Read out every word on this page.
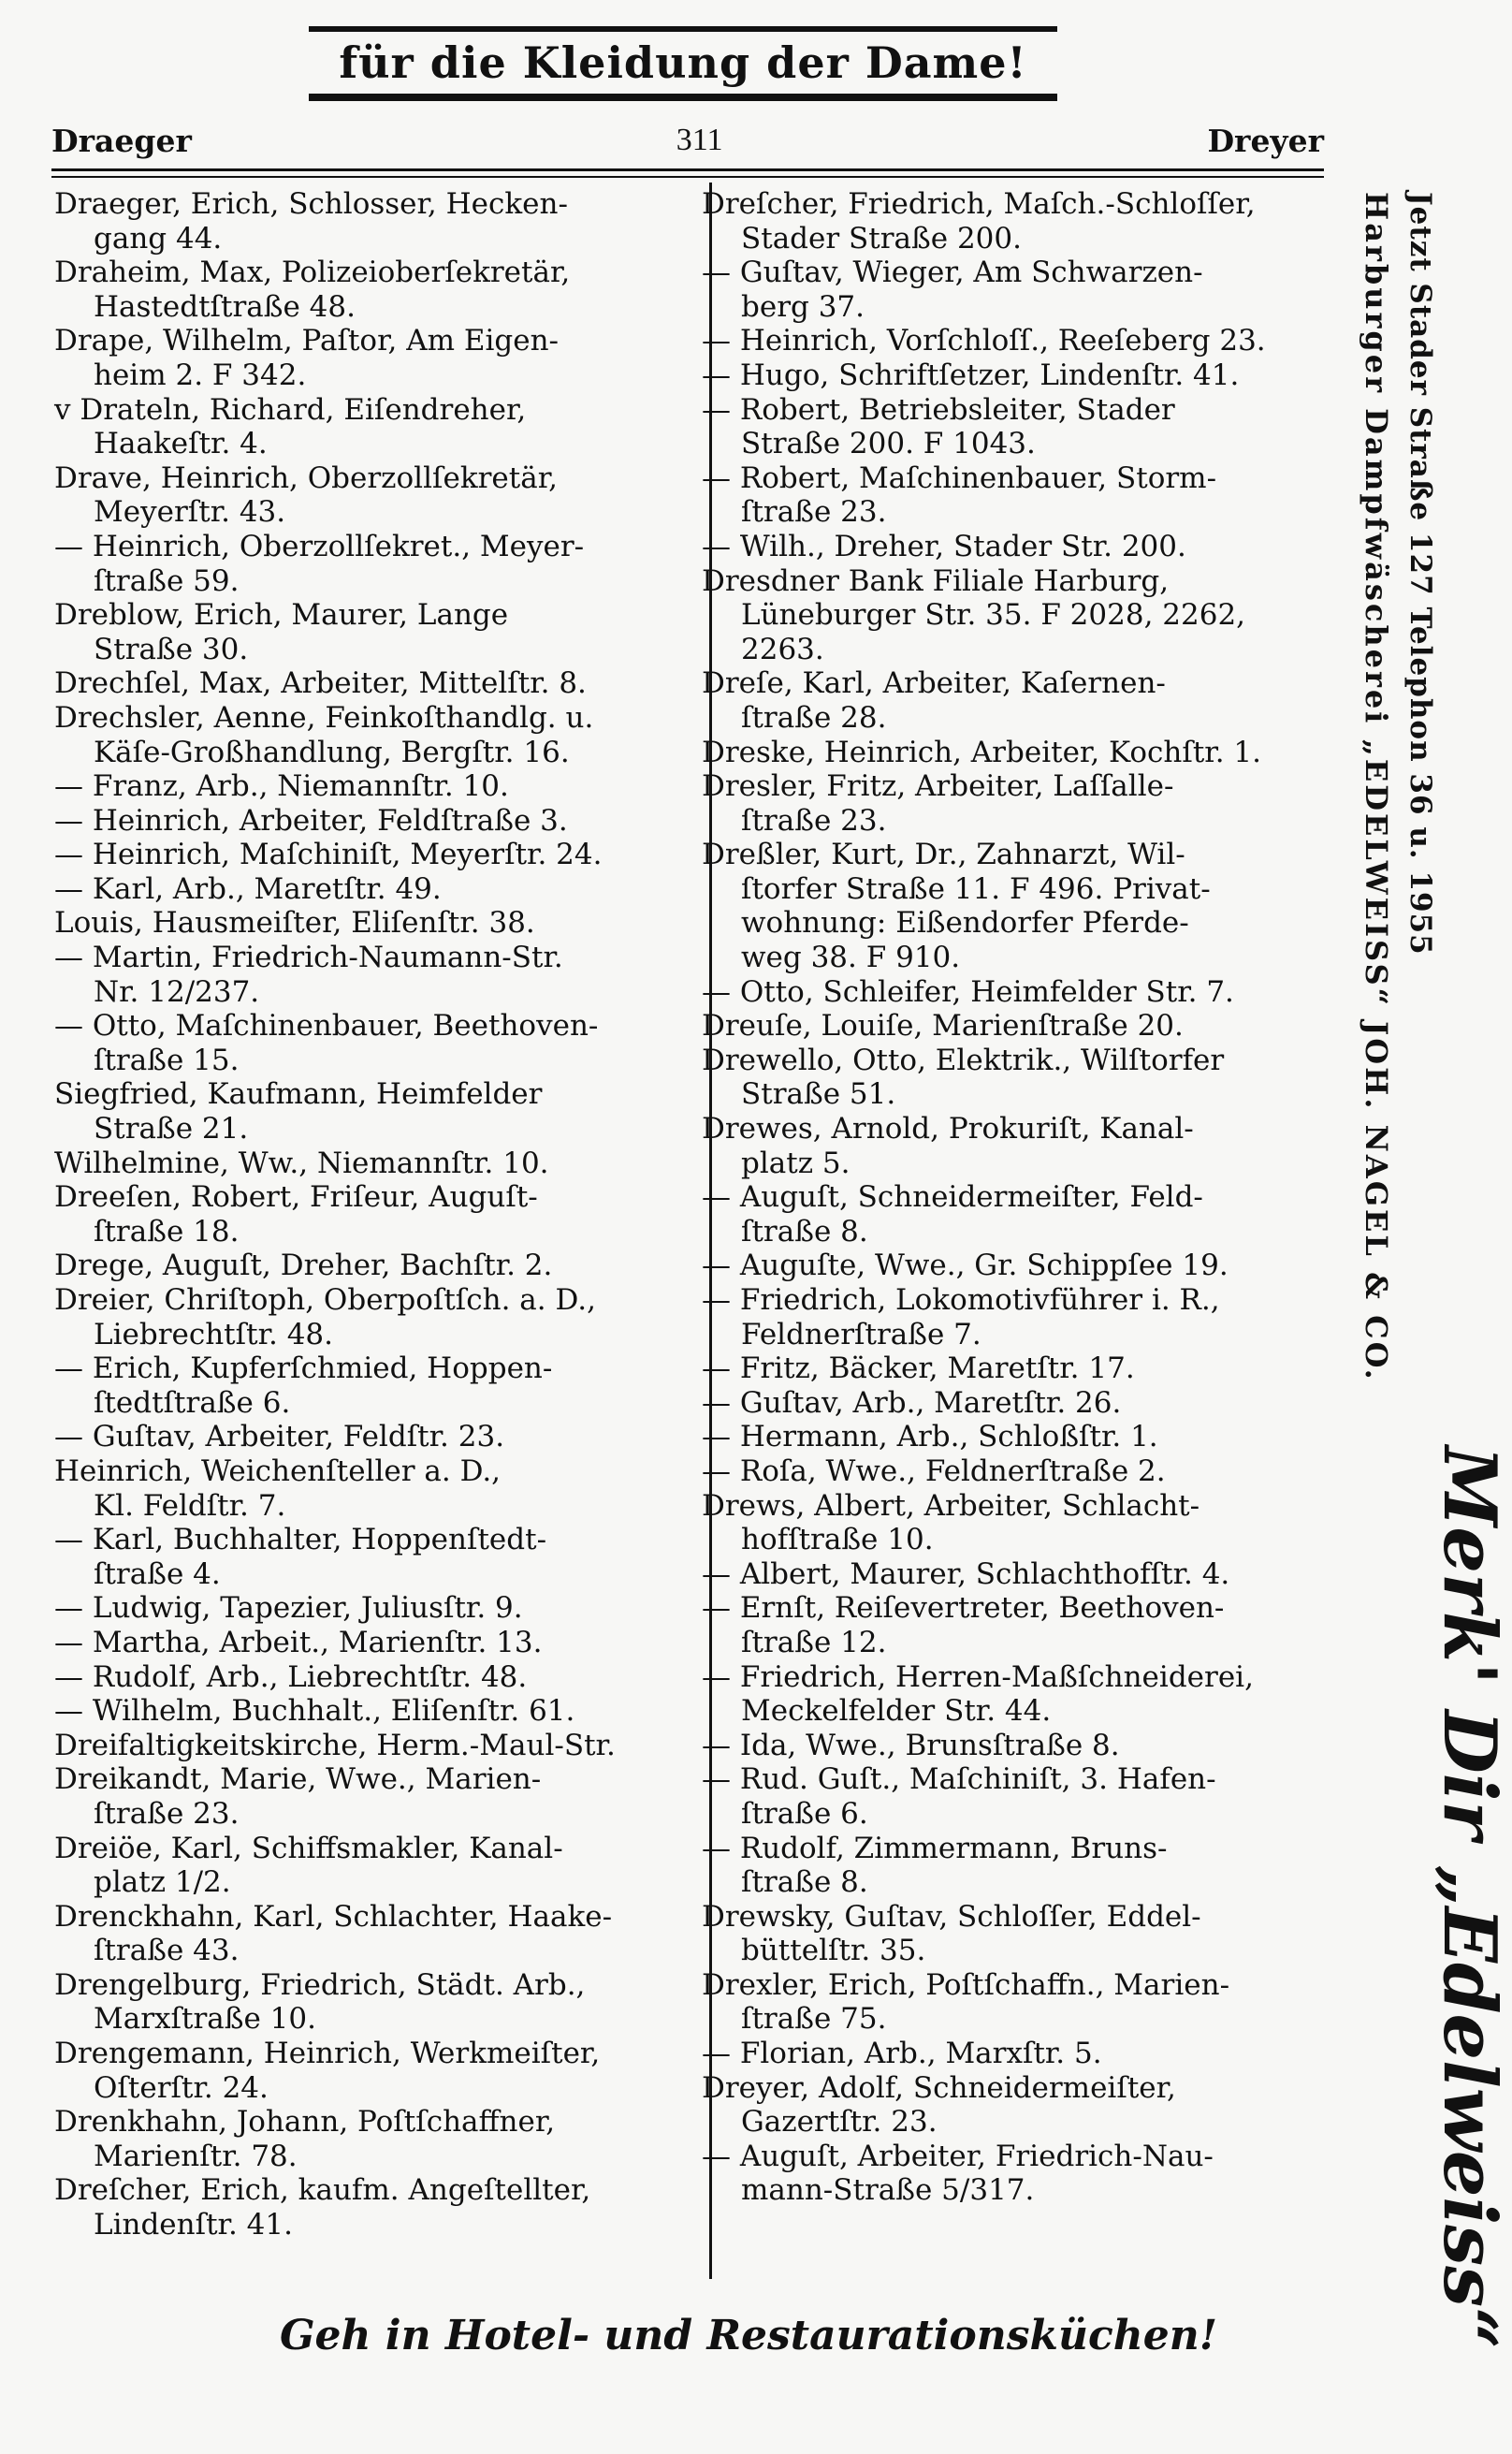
für die Kleidung der Dame!
Draeger	311	Dreyer
Draeger, Erich, Schlosser, Hecken-
gang 44.
Draheim, Max, Polizeioberſekretär,
Hastedtſtraße 48.
Drape, Wilhelm, Paſtor, Am Eigen-
heim 2. F 342.
v Drateln, Richard, Eiſendreher,
Haakeſtr. 4.
Drave, Heinrich, Oberzollſekretär,
Meyerſtr. 43.
— Heinrich, Oberzollſekret., Meyer-
ſtraße 59.
Dreblow, Erich, Maurer, Lange
Straße 30.
Drechſel, Max, Arbeiter, Mittelſtr. 8.
Drechsler, Aenne, Feinkoſthandlg. u.
Käſe-Großhandlung, Bergſtr. 16.
— Franz, Arb., Niemannſtr. 10.
— Heinrich, Arbeiter, Feldſtraße 3.
— Heinrich, Maſchiniſt, Meyerſtr. 24.
— Karl, Arb., Maretſtr. 49.
Louis, Hausmeiſter, Eliſenſtr. 38.
— Martin, Friedrich-Naumann-Str.
Nr. 12/237.
— Otto, Maſchinenbauer, Beethoven-
ſtraße 15.
Siegfried, Kaufmann, Heimfelder
Straße 21.
Wilhelmine, Ww., Niemannſtr. 10.
Dreeſen, Robert, Friſeur, Auguſt-
ſtraße 18.
Drege, Auguſt, Dreher, Bachſtr. 2.
Dreier, Chriſtoph, Oberpoſtſch. a. D.,
Liebrechtſtr. 48.
— Erich, Kupferſchmied, Hoppen-
ſtedtſtraße 6.
— Guſtav, Arbeiter, Feldſtr. 23.
Heinrich, Weichenſteller a. D.,
Kl. Feldſtr. 7.
— Karl, Buchhalter, Hoppenſtedt-
ſtraße 4.
— Ludwig, Tapezier, Juliusſtr. 9.
— Martha, Arbeit., Marienſtr. 13.
— Rudolf, Arb., Liebrechtſtr. 48.
— Wilhelm, Buchhalt., Eliſenſtr. 61.
Dreifaltigkeitskirche, Herm.-Maul-Str.
Dreikandt, Marie, Wwe., Marien-
ſtraße 23.
Dreiöe, Karl, Schiffsmakler, Kanal-
platz 1/2.
Drenckhahn, Karl, Schlachter, Haake-
ſtraße 43.
Drengelburg, Friedrich, Städt. Arb.,
Marxſtraße 10.
Drengemann, Heinrich, Werkmeiſter,
Oſterſtr. 24.
Drenkhahn, Johann, Poſtſchaffner,
Marienſtr. 78.
Dreſcher, Erich, kaufm. Angeſtellter,
Lindenſtr. 41.
Dreſcher, Friedrich, Maſch.-Schloſſer,
Stader Straße 200.
— Guſtav, Wieger, Am Schwarzen-
berg 37.
— Heinrich, Vorſchloſſ., Reeſeberg 23.
— Hugo, Schriftſetzer, Lindenſtr. 41.
— Robert, Betriebsleiter, Stader
Straße 200. F 1043.
— Robert, Maſchinenbauer, Storm-
ſtraße 23.
— Wilh., Dreher, Stader Str. 200.
Dresdner Bank Filiale Harburg,
Lüneburger Str. 35. F 2028, 2262,
2263.
Dreſe, Karl, Arbeiter, Kaſernen-
ſtraße 28.
Dreske, Heinrich, Arbeiter, Kochſtr. 1.
Dresler, Fritz, Arbeiter, Laſſalle-
ſtraße 23.
Dreßler, Kurt, Dr., Zahnarzt, Wil-
ſtorfer Straße 11. F 496. Privat-
wohnung: Eißendorfer Pferde-
weg 38. F 910.
— Otto, Schleifer, Heimfelder Str. 7.
Dreuſe, Louiſe, Marienſtraße 20.
Drewello, Otto, Elektrik., Wilſtorfer
Straße 51.
Drewes, Arnold, Prokuriſt, Kanal-
platz 5.
— Auguſt, Schneidermeiſter, Feld-
ſtraße 8.
— Auguſte, Wwe., Gr. Schippſee 19.
— Friedrich, Lokomotivführer i. R.,
Feldnerſtraße 7.
— Fritz, Bäcker, Maretſtr. 17.
— Guſtav, Arb., Maretſtr. 26.
— Hermann, Arb., Schloßſtr. 1.
— Roſa, Wwe., Feldnerſtraße 2.
Drews, Albert, Arbeiter, Schlacht-
hofſtraße 10.
— Albert, Maurer, Schlachthofſtr. 4.
— Ernſt, Reiſevertreter, Beethoven-
ſtraße 12.
— Friedrich, Herren-Maßſchneiderei,
Meckelfelder Str. 44.
— Ida, Wwe., Brunsſtraße 8.
— Rud. Guſt., Maſchiniſt, 3. Hafen-
ſtraße 6.
— Rudolf, Zimmermann, Bruns-
ſtraße 8.
Drewsky, Guſtav, Schloſſer, Eddel-
büttelſtr. 35.
Drexler, Erich, Poſtſchaffn., Marien-
ſtraße 75.
— Florian, Arb., Marxſtr. 5.
Dreyer, Adolf, Schneidermeiſter,
Gazertſtr. 23.
— Auguſt, Arbeiter, Friedrich-Nau-
mann-Straße 5/317.
Harburger Dampfwäscherei „EDELWEISS“ JOH. NAGEL & CO. Jetzt Stader Straße 127 Telephon 36 u. 1955
Merk' Dir „Edelweiss“
Geh in Hotel- und Restaurationsküchen!
